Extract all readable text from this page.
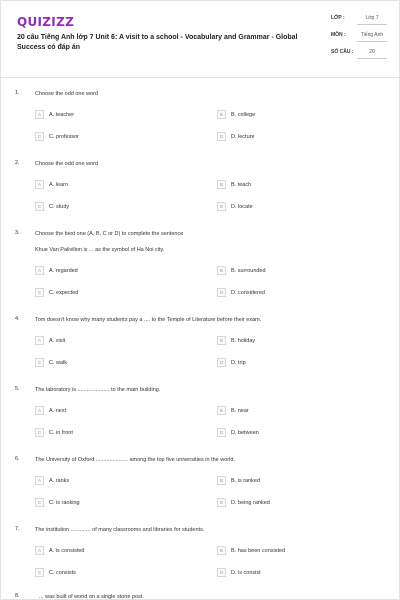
QUIZIZZ
20 câu Tiếng Anh lớp 7 Unit 6: A visit to a school - Vocabulary and Grammar - Global Success có đáp án
LỚP :	Lớp 7
MÔN :	Tiếng Anh
SỐ CÂU :	20
1.	Choose the odd one word
A	A. teacher	B	B. college
C	C. professor	D	D. lecture
2.	Choose the odd one word
A	A. learn	B	B. teach
C	C. study	D	D. locate
3.	Choose the best one (A, B, C or D) to complete the sentence
Khue Van Palivilion is ... as the symbol of Ha Noi city.
A	A. regarded	B	B. surrounded
C	C. expected	D	D. considered
4.	Tom doesn't know why many students pay a .... to the Temple of Literature before their exam.
A	A. visit	B	B. holiday
C	C. walk	D	D. trip
5.	The laboratory is ..................... to the main building.
A	A. next	B	B. near
C	C. in front	D	D. between
6.	The University of Oxford ..................... among the top five universities in the world.
A	A. ranks	B	B. is ranked
C	C. is ranking	D	D. being ranked
7.	The institution ............. of many classrooms and libraries for students.
A	A. is consisted	B	B. has been consisted
C	C. consists	D	D. is consist
8.	... was built of wood on a single stone post.
